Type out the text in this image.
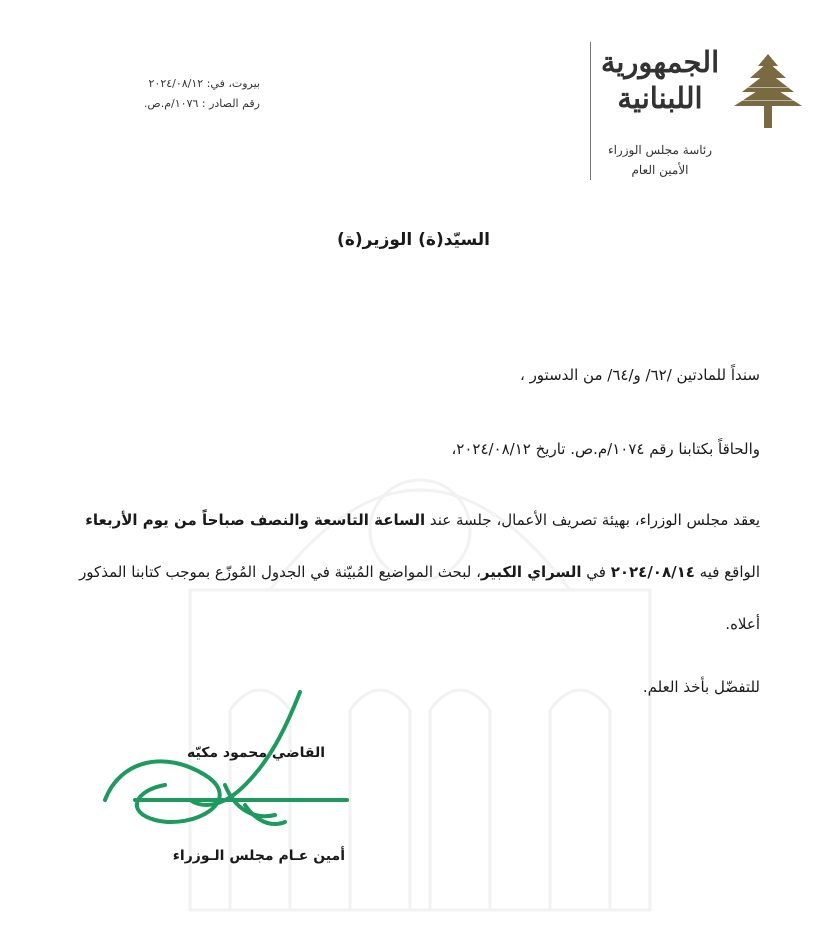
بيروت، في: ٢٠٢٤/٠٨/١٢
رقم الصادر : ١٠٧٦/م.ص.
الجمهورية
اللبنانية
رئاسة مجلس الوزراء
الأمين العام
السيّد(ة) الوزير(ة)
سنداً للمادتين /٦٢/ و/٦٤/ من الدستور ،
والحاقاً بكتابنا رقم ١٠٧٤/م.ص. تاريخ ٢٠٢٤/٠٨/١٢،
يعقد مجلس الوزراء، بهيئة تصريف الأعمال، جلسة عند الساعة التاسعة والنصف صباحاً من يوم الأربعاء الواقع فيه ٢٠٢٤/٠٨/١٤ في السراي الكبير، لبحث المواضيع المُبيّنة في الجدول المُوزّع بموجب كتابنا المذكور أعلاه.
للتفضّل بأخذ العلم.
القاضي محمود مكيّه
أمين عـام مجلس الـوزراء
